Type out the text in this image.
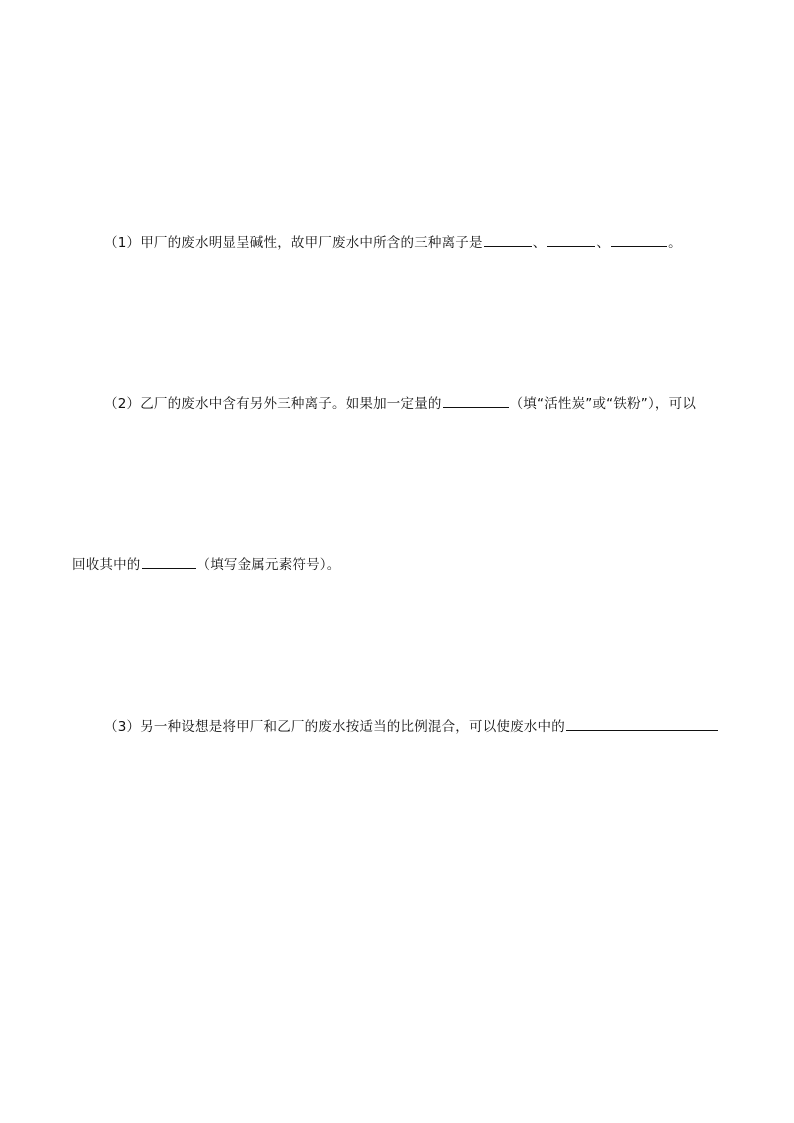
（1）甲厂的废水明显呈碱性，故甲厂废水中所含的三种离子是	、	、	。
（2）乙厂的废水中含有另外三种离子。如果加一定量的	（填“活性炭”或“铁粉”），可以
回收其中的	（填写金属元素符号）。
（3）另一种设想是将甲厂和乙厂的废水按适当的比例混合，可以使废水中的
